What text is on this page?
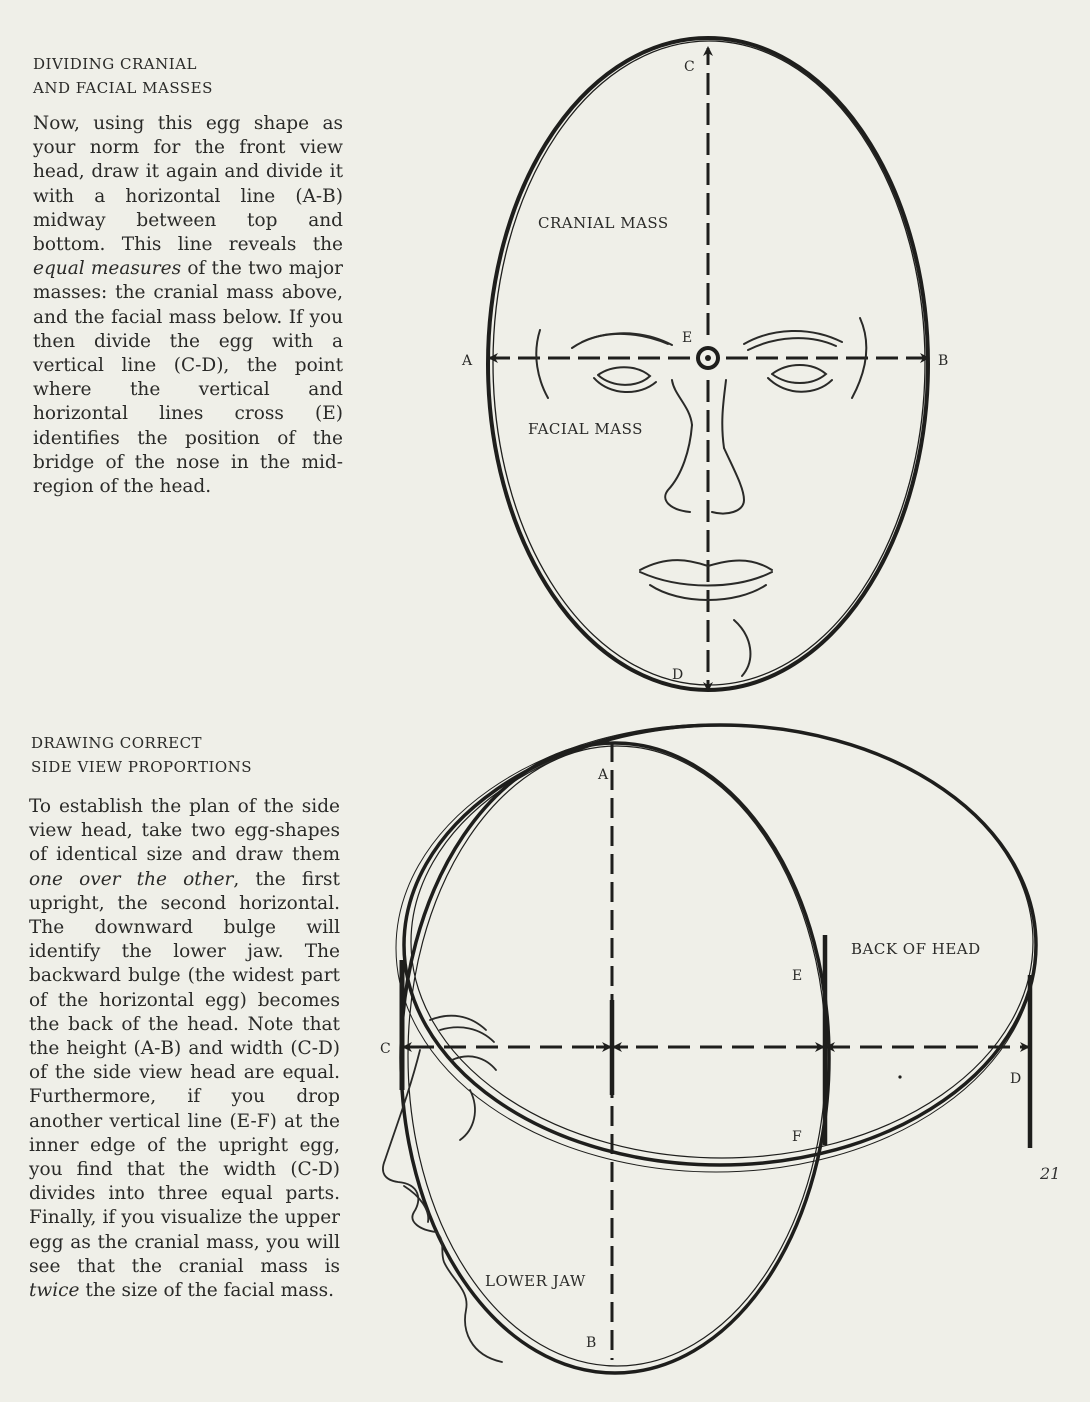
DIVIDING CRANIAL
AND FACIAL MASSES
Now, using this egg shape as your norm for the front view head, draw it again and divide it with a horizontal line (A-B) midway between top and bottom. This line reveals the equal measures of the two major masses: the cranial mass above, and the facial mass below. If you then divide the egg with a vertical line (C-D), the point where the vertical and horizontal lines cross (E) identifies the position of the bridge of the nose in the mid-region of the head.
DRAWING CORRECT
SIDE VIEW PROPORTIONS
To establish the plan of the side view head, take two egg-shapes of identical size and draw them one over the other, the first upright, the second horizontal. The downward bulge will identify the lower jaw. The backward bulge (the widest part of the horizontal egg) becomes the back of the head. Note that the height (A-B) and width (C-D) of the side view head are equal. Furthermore, if you drop another vertical line (E-F) at the inner edge of the upright egg, you find that the width (C-D) divides into three equal parts. Finally, if you visualize the upper egg as the cranial mass, you will see that the cranial mass is twice the size of the facial mass.
C
D
A	B
E
CRANIAL MASS
FACIAL MASS
A
B
C
D
E
F
BACK OF HEAD
LOWER JAW
21
